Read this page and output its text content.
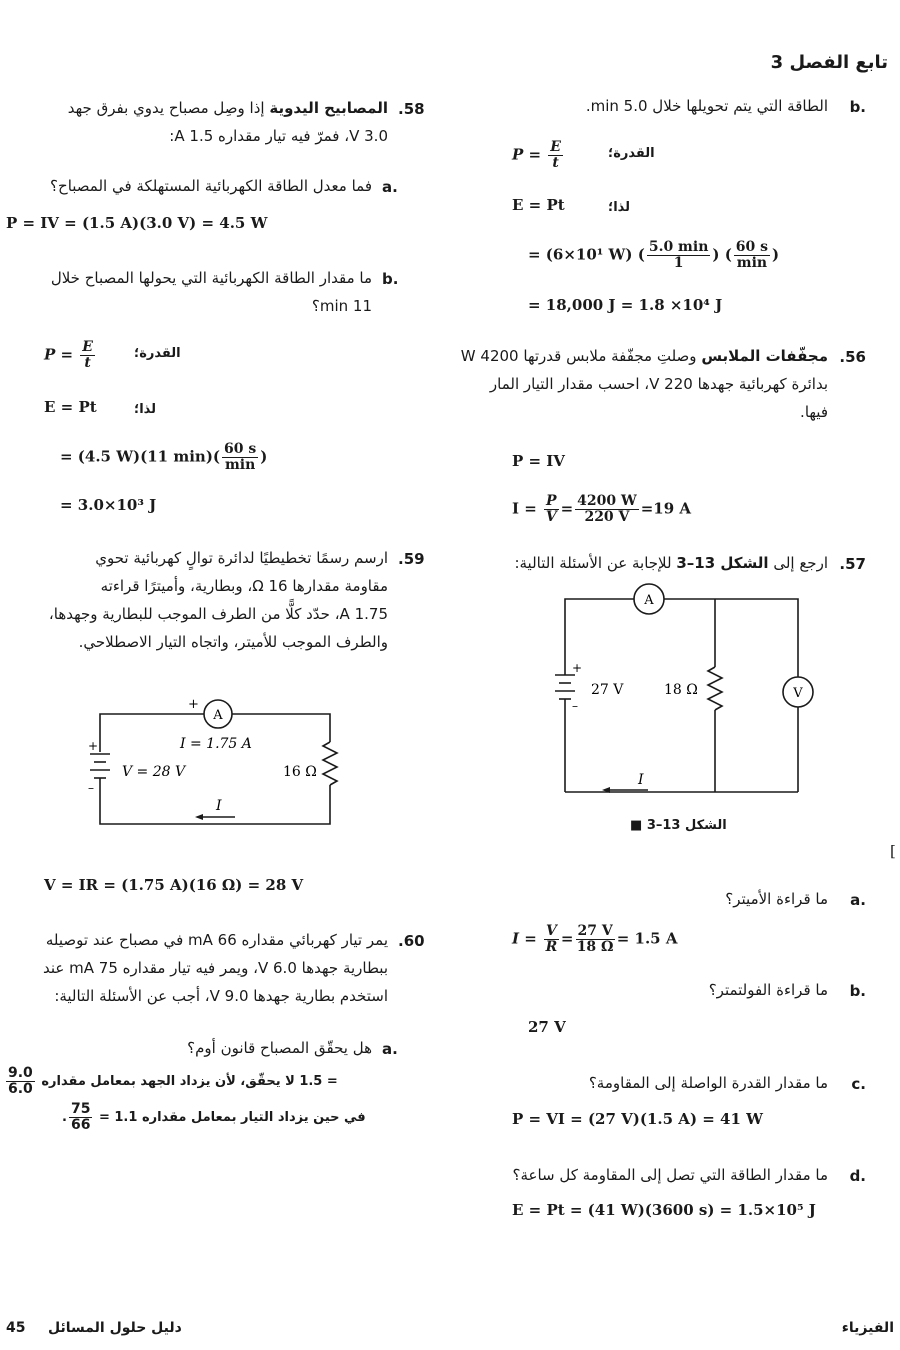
تابع الفصل 3
b.
الطاقة التي يتم تحويلها خلال 5.0 min.
$P = \frac{E}{t}$	القدرة؛
E = Pt	لذا؛
= (6×10¹ W) ( $\frac{5.0 \min}{1}$ ) ( $\frac{60 s}{\min}$ )
= 18,000 J = 1.8 ×10⁴ J
.56
مجفّفات الملابس وصلتِ مجفّفة ملابس قدرتها 4200 W
بدائرة كهربائية جهدها 220 V، احسب مقدار التيار المار
فيها.
P = IV
$I = \frac{P}{V} = \frac{4200 W}{220 V} =19$ A
.57
ارجع إلى الشكل 13–3 للإجابة عن الأسئلة التالية:
A
V
27 V	18 Ω
I
+
–
الشكل 13–3 ■
[
a.
ما قراءة الأميتر؟
$I = \frac{V}{R} = \frac{27 V}{18 \Omega} = 1.5$ A
b.
ما قراءة الفولتمتر؟
27 V
c.
ما مقدار القدرة الواصلة إلى المقاومة؟
P = VI = (27 V)(1.5 A) = 41 W
d.
ما مقدار الطاقة التي تصل إلى المقاومة كل ساعة؟
E = Pt = (41 W)(3600 s) = 1.5×10⁵ J
.58
المصابيح اليدوية إذا وصِل مصباح يدوي بفرق جهد
3.0 V، فمرّ فيه تيار مقداره 1.5 A:
a.
فما معدل الطاقة الكهربائية المستهلكة في المصباح؟
P = IV = (1.5 A)(3.0 V) = 4.5 W
b.
ما مقدار الطاقة الكهربائية التي يحولها المصباح خلال
11 min؟
$P = \frac{E}{t}$	القدرة؛
E = Pt	لذا؛
= (4.5 W)(11 $\min)( \frac{60 s}{\min}$ )
= 3.0×10³ J
.59
ارسم رسمًا تخطيطيًا لدائرة توالٍ كهربائية تحوي
مقاومة مقدارها 16 Ω، وبطارية، وأميترًا قراءته
1.75 A، حدّد كلًّا من الطرف الموجب للبطارية وجهدها،
والطرف الموجب للأميتر، واتجاه التيار الاصطلاحي.
A
+
I = 1.75 A
V = 28 V	16 Ω
I
+
–
V = IR = (1.75 A)(16 Ω) = 28 V
.60
يمر تيار كهربائي مقداره 66 mA في مصباح عند توصيله
ببطارية جهدها 6.0 V، ويمر فيه تيار مقداره 75 mA عند
استخدم بطارية جهدها 9.0 V، أجب عن الأسئلة التالية:
a.
هل يحقّق المصباح قانون أوم؟
$\frac{9.0}{6.0} = 1.5$ لا يحقّق، لأن يزداد الجهد بمعامل مقداره
. $\frac{75}{66}$ في حين يزداد التيار بمعامل مقداره 1.1 =
45 دليل حلول المسائل	الفيزياء
